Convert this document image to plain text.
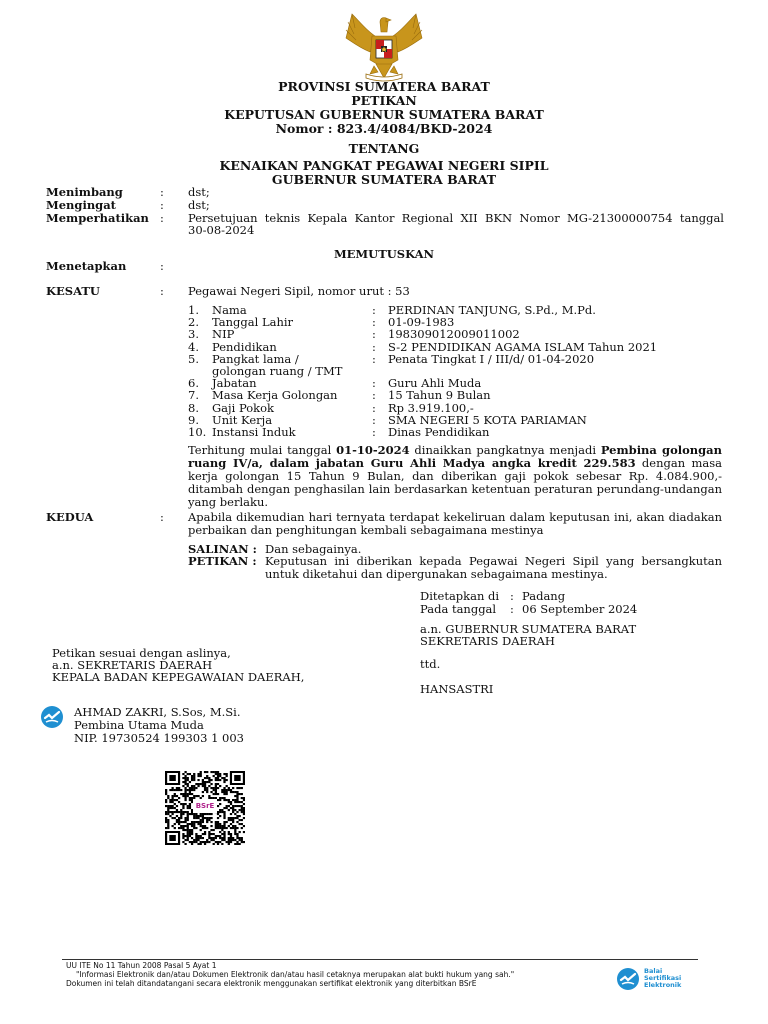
PROVINSI SUMATERA BARAT
PETIKAN
KEPUTUSAN GUBERNUR SUMATERA BARAT
Nomor : 823.4/4084/BKD-2024
TENTANG
KENAIKAN PANGKAT PEGAWAI NEGERI SIPIL
GUBERNUR SUMATERA BARAT
Menimbang	: dst;
Mengingat	: dst;
Memperhatikan : Persetujuan teknis Kepala Kantor Regional XII BKN Nomor MG-21300000754 tanggal
30-08-2024
MEMUTUSKAN
Menetapkan	:
KESATU	: Pegawai Negeri Sipil, nomor urut : 53
1. Nama	: PERDINAN TANJUNG, S.Pd., M.Pd.
2. Tanggal Lahir	: 01-09-1983
3. NIP	: 198309012009011002
4. Pendidikan	: S-2 PENDIDIKAN AGAMA ISLAM Tahun 2021
5. Pangkat lama /	: Penata Tingkat I / III/d/ 01-04-2020
golongan ruang / TMT
6. Jabatan	: Guru Ahli Muda
7. Masa Kerja Golongan	: 15 Tahun 9 Bulan
8. Gaji Pokok	: Rp 3.919.100,-
9. Unit Kerja	: SMA NEGERI 5 KOTA PARIAMAN
10. Instansi Induk	: Dinas Pendidikan
Terhitung mulai tanggal 01-10-2024 dinaikkan pangkatnya menjadi Pembina golongan ruang IV/a, dalam jabatan Guru Ahli Madya angka kredit 229.583 dengan masa kerja golongan 15 Tahun 9 Bulan, dan diberikan gaji pokok sebesar Rp. 4.084.900,- ditambah dengan penghasilan lain berdasarkan ketentuan peraturan perundang-undangan yang berlaku.
KEDUA	: Apabila dikemudian hari ternyata terdapat kekeliruan dalam keputusan ini, akan diadakan perbaikan dan penghitungan kembali sebagaimana mestinya
SALINAN : Dan sebagainya.
PETIKAN : Keputusan ini diberikan kepada Pegawai Negeri Sipil yang bersangkutan untuk diketahui dan dipergunakan sebagaimana mestinya.
Ditetapkan di : Padang
Pada tanggal : 06 September 2024
a.n. GUBERNUR SUMATERA BARAT
SEKRETARIS DAERAH
ttd.
HANSASTRI
Petikan sesuai dengan aslinya,
a.n. SEKRETARIS DAERAH
KEPALA BADAN KEPEGAWAIAN DAERAH,
AHMAD ZAKRI, S.Sos, M.Si.
Pembina Utama Muda
NIP. 19730524 199303 1 003
BSrE
UU ITE No 11 Tahun 2008 Pasal 5 Ayat 1
"Informasi Elektronik dan/atau Dokumen Elektronik dan/atau hasil cetaknya merupakan alat bukti hukum yang sah."
Dokumen ini telah ditandatangani secara elektronik menggunakan sertifikat elektronik yang diterbitkan BSrE
Balai
Sertifikasi
Elektronik
